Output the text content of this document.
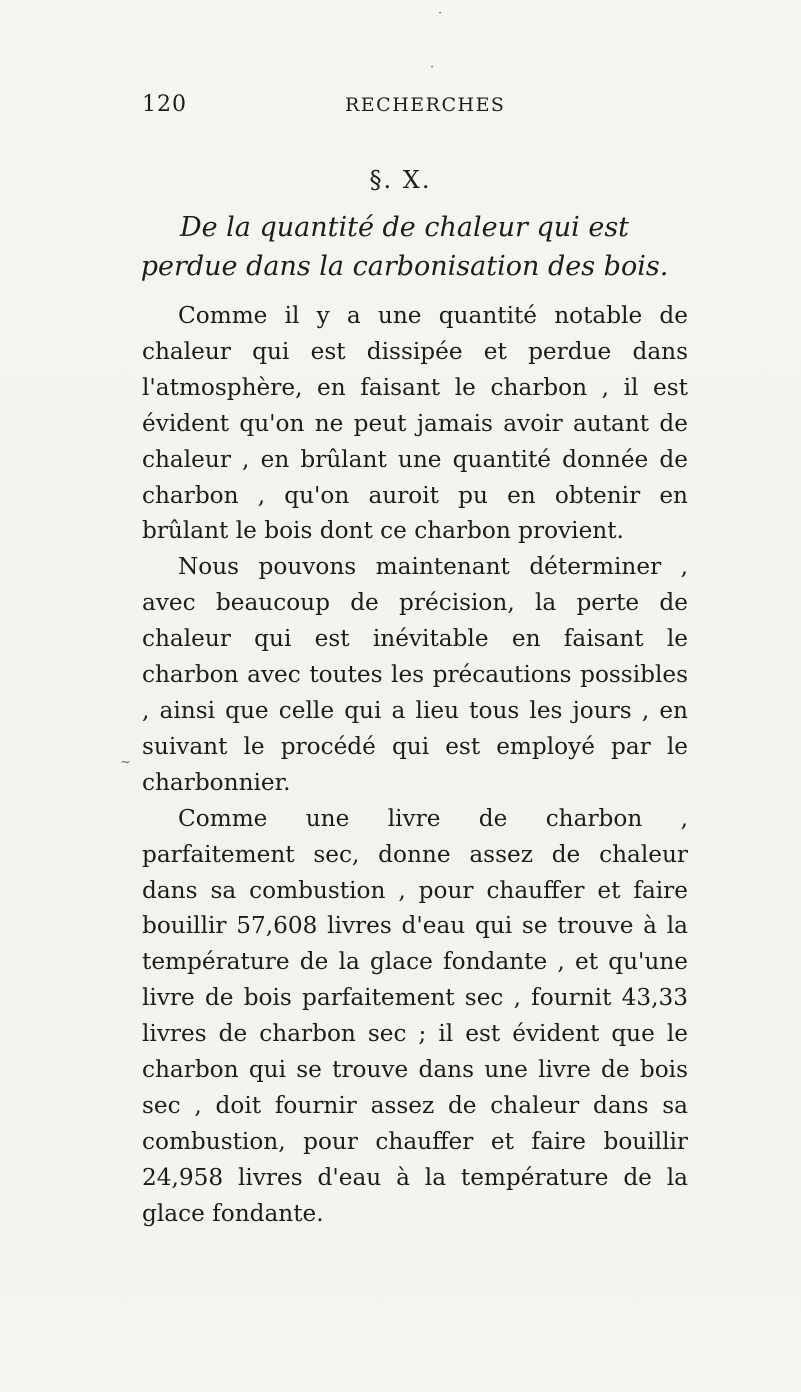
·
·
120	RECHERCHES
§. X.
De la quantité de chaleur qui est perdue dans la carbonisation des bois.

Comme il y a une quantité notable de chaleur qui est dissipée et perdue dans l'atmosphère, en faisant le charbon , il est évident qu'on ne peut jamais avoir autant de chaleur , en brûlant une quantité donnée de charbon , qu'on auroit pu en obtenir en brûlant le bois dont ce charbon provient.

Nous pouvons maintenant déterminer , avec beaucoup de précision, la perte de chaleur qui est inévitable en faisant le charbon avec toutes les précautions possibles , ainsi que celle qui a lieu tous les jours , en suivant le procédé qui est employé par le charbonnier.

Comme une livre de charbon , parfaitement sec, donne assez de chaleur dans sa combustion , pour chauffer et faire bouillir 57,608 livres d'eau qui se trouve à la température de la glace fondante , et qu'une livre de bois parfaitement sec , fournit 43,33 livres de charbon sec ; il est évident que le charbon qui se trouve dans une livre de bois sec , doit fournir assez de chaleur dans sa combustion, pour chauffer et faire bouillir 24,958 livres d'eau à la température de la glace fondante.

~
